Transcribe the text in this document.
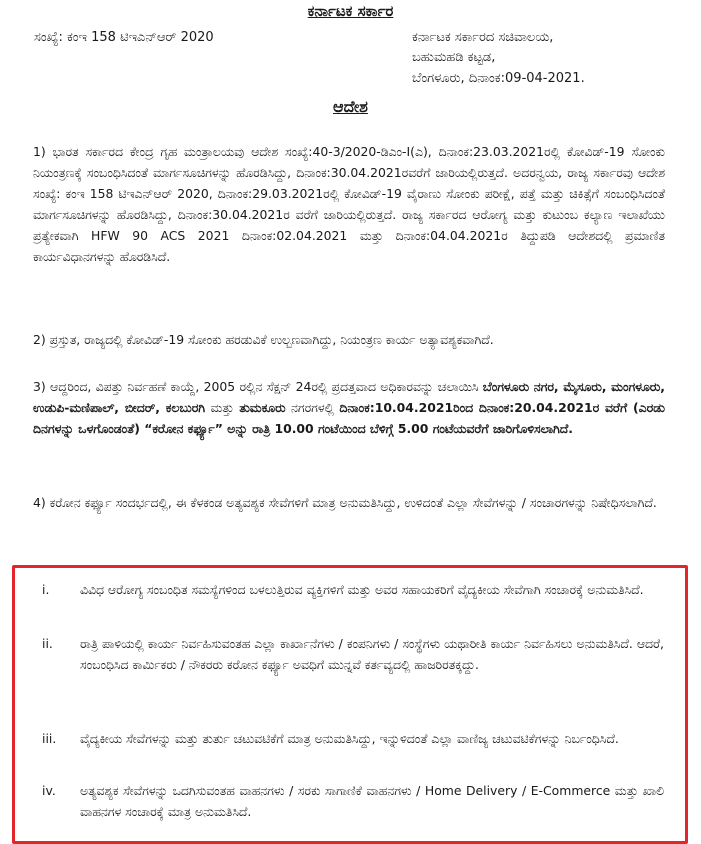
ಕರ್ನಾಟಕ ಸರ್ಕಾರ
ಸಂಖ್ಯೆ: ಕಂಇ 158 ಟಿಇಎನ್ಆರ್ 2020	ಕರ್ನಾಟಕ ಸರ್ಕಾರದ ಸಚಿವಾಲಯ,
ಬಹುಮಹಡಿ ಕಟ್ಟಡ,
ಬೆಂಗಳೂರು, ದಿನಾಂಕ:09-04-2021.
ಆದೇಶ

1) ಭಾರತ ಸರ್ಕಾರದ ಕೇಂದ್ರ ಗೃಹ ಮಂತ್ರಾಲಯವು ಆದೇಶ ಸಂಖ್ಯೆ:40-3/2020-ಡಿಎಂ-I(ಎ), ದಿನಾಂಕ:23.03.2021ರಲ್ಲಿ ಕೋವಿಡ್-19 ಸೋಂಕು ನಿಯಂತ್ರಣಕ್ಕೆ ಸಂಬಂಧಿಸಿದಂತೆ ಮಾರ್ಗಸೂಚಿಗಳನ್ನು ಹೊರಡಿಸಿದ್ದು, ದಿನಾಂಕ:30.04.2021ರವರೆಗೆ ಜಾರಿಯಲ್ಲಿರುತ್ತದೆ. ಅದರನ್ವಯ, ರಾಜ್ಯ ಸರ್ಕಾರವು ಆದೇಶ ಸಂಖ್ಯೆ: ಕಂಇ 158 ಟಿಇಎನ್ಆರ್ 2020, ದಿನಾಂಕ:29.03.2021ರಲ್ಲಿ ಕೋವಿಡ್-19 ವೈರಾಣು ಸೋಂಕು ಪರೀಕ್ಷೆ, ಪತ್ತೆ ಮತ್ತು ಚಿಕಿತ್ಸೆಗೆ ಸಂಬಂಧಿಸಿದಂತೆ ಮಾರ್ಗಸೂಚಿಗಳನ್ನು ಹೊರಡಿಸಿದ್ದು, ದಿನಾಂಕ:30.04.2021ರ ವರೆಗೆ ಜಾರಿಯಲ್ಲಿರುತ್ತದೆ. ರಾಜ್ಯ ಸರ್ಕಾರದ ಆರೋಗ್ಯ ಮತ್ತು ಕುಟುಂಬ ಕಲ್ಯಾಣ ಇಲಾಖೆಯು ಪ್ರತ್ಯೇಕವಾಗಿ HFW 90 ACS 2021 ದಿನಾಂಕ:02.04.2021 ಮತ್ತು ದಿನಾಂಕ:04.04.2021ರ ತಿದ್ದುಪಡಿ ಆದೇಶದಲ್ಲಿ ಪ್ರಮಾಣಿತ ಕಾರ್ಯವಿಧಾನಗಳನ್ನು ಹೊರಡಿಸಿದೆ.

2) ಪ್ರಸ್ತುತ, ರಾಜ್ಯದಲ್ಲಿ ಕೋವಿಡ್-19 ಸೋಂಕು ಹರಡುವಿಕೆ ಉಲ್ಬಣವಾಗಿದ್ದು, ನಿಯಂತ್ರಣ ಕಾರ್ಯ ಅತ್ಯಾವಶ್ಯಕವಾಗಿದೆ.

3) ಆದ್ದರಿಂದ, ವಿಪತ್ತು ನಿರ್ವಹಣೆ ಕಾಯ್ದೆ, 2005 ರಲ್ಲಿನ ಸೆಕ್ಷನ್ 24ರಲ್ಲಿ ಪ್ರದತ್ತವಾದ ಅಧಿಕಾರವನ್ನು ಚಲಾಯಿಸಿ ಬೆಂಗಳೂರು ನಗರ, ಮೈಸೂರು, ಮಂಗಳೂರು, ಉಡುಪಿ-ಮಣಿಪಾಲ್, ಬೀದರ್, ಕಲಬುರಗಿ ಮತ್ತು ತುಮಕೂರು ನಗರಗಳಲ್ಲಿ ದಿನಾಂಕ:10.04.2021ರಿಂದ ದಿನಾಂಕ:20.04.2021ರ ವರೆಗೆ (ಎರಡು ದಿನಗಳನ್ನು ಒಳಗೊಂಡಂತೆ) “ಕರೋನ ಕರ್ಫ್ಯೂ” ಅನ್ನು ರಾತ್ರಿ 10.00 ಗಂಟೆಯಿಂದ ಬೆಳಿಗ್ಗೆ 5.00 ಗಂಟೆಯವರೆಗೆ ಜಾರಿಗೊಳಿಸಲಾಗಿದೆ.

4) ಕರೋನ ಕರ್ಫ್ಯೂ ಸಂದರ್ಭದಲ್ಲಿ, ಈ ಕೆಳಕಂಡ ಅತ್ಯವಶ್ಯಕ ಸೇವೆಗಳಿಗೆ ಮಾತ್ರ ಅನುಮತಿಸಿದ್ದು, ಉಳಿದಂತೆ ಎಲ್ಲಾ ಸೇವೆಗಳನ್ನು / ಸಂಚಾರಗಳನ್ನು ನಿಷೇಧಿಸಲಾಗಿದೆ.

i.	ವಿವಿಧ ಆರೋಗ್ಯ ಸಂಬಂಧಿತ ಸಮಸ್ಯೆಗಳಿಂದ ಬಳಲುತ್ತಿರುವ ವ್ಯಕ್ತಿಗಳಿಗೆ ಮತ್ತು ಅವರ ಸಹಾಯಕರಿಗೆ ವೈದ್ಯಕೀಯ ಸೇವೆಗಾಗಿ ಸಂಚಾರಕ್ಕೆ ಅನುಮತಿಸಿದೆ.
ii.	ರಾತ್ರಿ ಪಾಳಿಯಲ್ಲಿ ಕಾರ್ಯ ನಿರ್ವಹಿಸುವಂತಹ ಎಲ್ಲಾ ಕಾರ್ಖಾನೆಗಳು / ಕಂಪನಿಗಳು / ಸಂಸ್ಥೆಗಳು ಯಥಾರೀತಿ ಕಾರ್ಯ ನಿರ್ವಹಿಸಲು ಅನುಮತಿಸಿದೆ. ಆದರೆ, ಸಂಬಂಧಿಸಿದ ಕಾರ್ಮಿಕರು / ನೌಕರರು ಕರೋನ ಕರ್ಫ್ಯೂ ಅವಧಿಗೆ ಮುನ್ನವೆ ಕರ್ತವ್ಯದಲ್ಲಿ ಹಾಜರಿರತಕ್ಕದ್ದು.
iii.	ವೈದ್ಯಕೀಯ ಸೇವೆಗಳನ್ನು ಮತ್ತು ತುರ್ತು ಚಟುವಟಿಕೆಗೆ ಮಾತ್ರ ಅನುಮತಿಸಿದ್ದು, ಇನ್ನುಳಿದಂತೆ ಎಲ್ಲಾ ವಾಣಿಜ್ಯ ಚಟುವಟಿಕೆಗಳನ್ನು ನಿರ್ಬಂಧಿಸಿದೆ.
iv.	ಅತ್ಯವಶ್ಯಕ ಸೇವೆಗಳನ್ನು ಒದಗಿಸುವಂತಹ ವಾಹನಗಳು / ಸರಕು ಸಾಗಾಣಿಕೆ ವಾಹನಗಳು / Home Delivery / E-Commerce ಮತ್ತು ಖಾಲಿ ವಾಹನಗಳ ಸಂಚಾರಕ್ಕೆ ಮಾತ್ರ ಅನುಮತಿಸಿದೆ.
